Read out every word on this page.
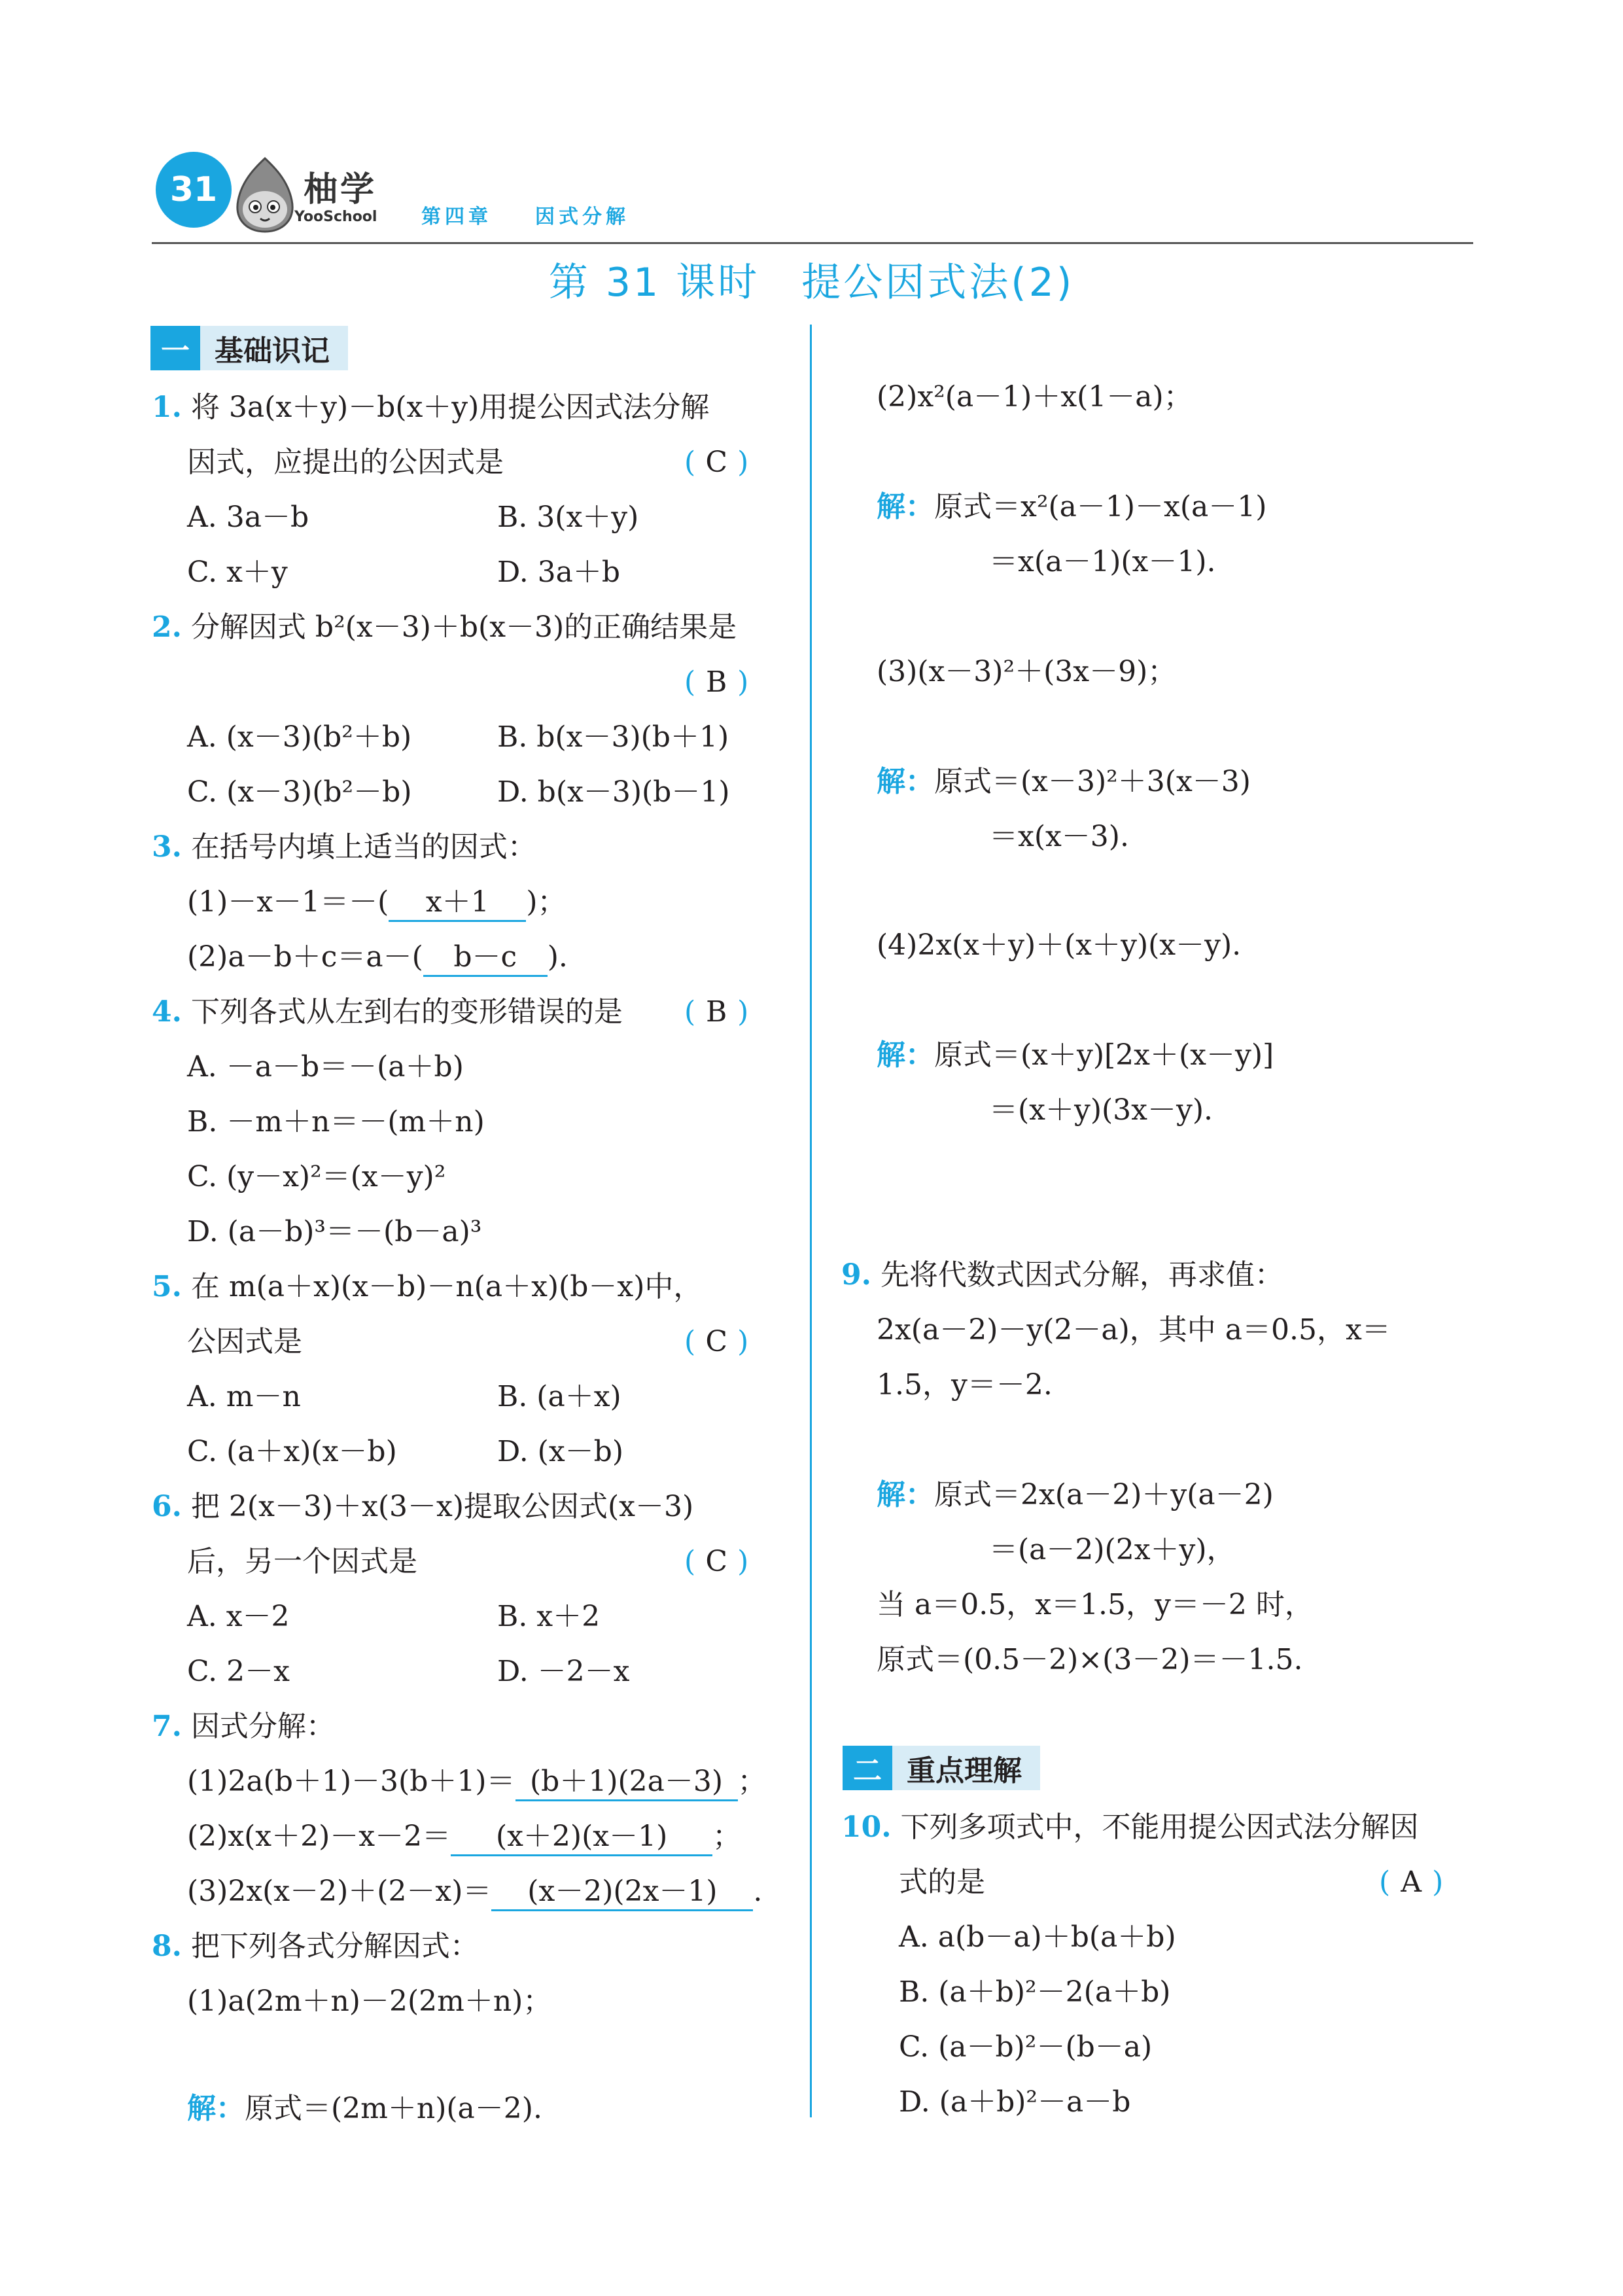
31	柚学
YooSchool 第四章 因式分解
第 31 课时　提公因式法(2)
一 基础识记
1. 将 3a(x＋y)－b(x＋y)用提公因式法分解
因式，应提出的公因式是	( C )
A. 3a－b	B. 3(x＋y)
C. x＋y	D. 3a＋b
2. 分解因式 b²(x－3)＋b(x－3)的正确结果是
( B )
A. (x－3)(b²＋b)	B. b(x－3)(b＋1)
C. (x－3)(b²－b)	D. b(x－3)(b－1)
3. 在括号内填上适当的因式：
(1)－x－1＝－( x＋1 )；
(2)a－b＋c＝a－( b－c ).
4. 下列各式从左到右的变形错误的是 ( B )
A. －a－b＝－(a＋b)
B. －m＋n＝－(m＋n)
C. (y－x)²＝(x－y)²
D. (a－b)³＝－(b－a)³
5. 在 m(a＋x)(x－b)－n(a＋x)(b－x)中，
公因式是	( C )
A. m－n	B. (a＋x)
C. (a＋x)(x－b)	D. (x－b)
6. 把 2(x－3)＋x(3－x)提取公因式(x－3)
后，另一个因式是	( C )
A. x－2	B. x＋2
C. 2－x	D. －2－x
7. 因式分解：
(1)2a(b＋1)－3(b＋1)＝ (b＋1)(2a－3) ；
(2)x(x＋2)－x－2＝ (x＋2)(x－1) ；
(3)2x(x－2)＋(2－x)＝ (x－2)(2x－1) .
8. 把下列各式分解因式：
(1)a(2m＋n)－2(2m＋n)；
解：原式＝(2m＋n)(a－2).
(2)x²(a－1)＋x(1－a)；
解：原式＝x²(a－1)－x(a－1)
＝x(a－1)(x－1).
(3)(x－3)²＋(3x－9)；
解：原式＝(x－3)²＋3(x－3)
＝x(x－3).
(4)2x(x＋y)＋(x＋y)(x－y).
解：原式＝(x＋y)[2x＋(x－y)]
＝(x＋y)(3x－y).
9. 先将代数式因式分解，再求值：
2x(a－2)－y(2－a)，其中 a＝0.5，x＝
1.5，y＝－2.
解：原式＝2x(a－2)＋y(a－2)
＝(a－2)(2x＋y)，
当 a＝0.5，x＝1.5，y＝－2 时，
原式＝(0.5－2)×(3－2)＝－1.5.
二 重点理解
10. 下列多项式中，不能用提公因式法分解因
式的是	( A )
A. a(b－a)＋b(a＋b)
B. (a＋b)²－2(a＋b)
C. (a－b)²－(b－a)
D. (a＋b)²－a－b
